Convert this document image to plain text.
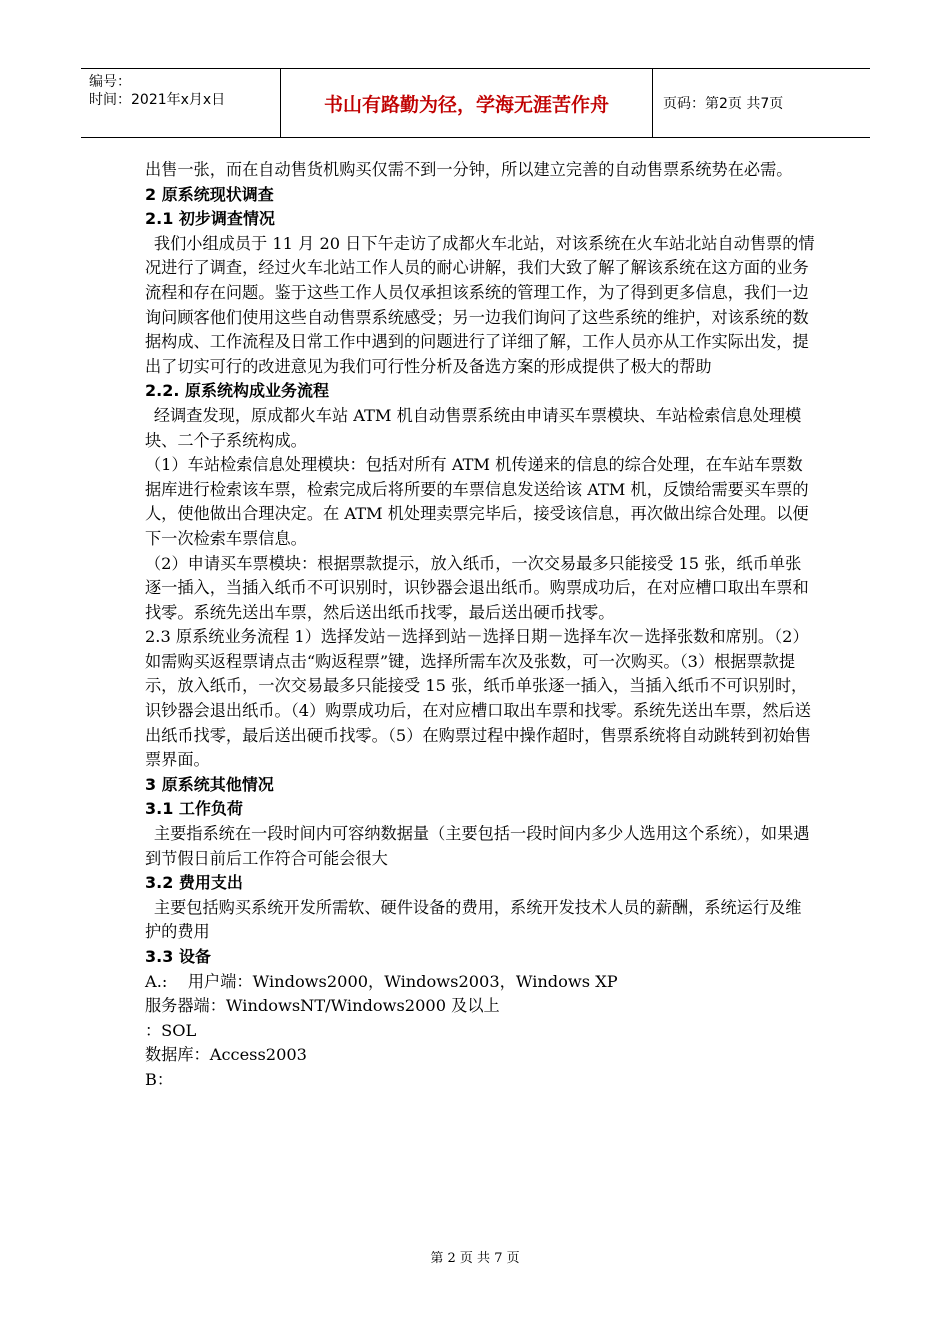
编号：
时间：2021年x月x日	书山有路勤为径，学海无涯苦作舟	页码：第2页 共7页

出售一张，而在自动售货机购买仅需不到一分钟，所以建立完善的自动售票系统势在必需。

2 原系统现状调查

2.1 初步调查情况

我们小组成员于 11 月 20 日下午走访了成都火车北站，对该系统在火车站北站自动售票的情况进行了调查，经过火车北站工作人员的耐心讲解，我们大致了解了解该系统在这方面的业务流程和存在问题。鉴于这些工作人员仅承担该系统的管理工作，为了得到更多信息，我们一边询问顾客他们使用这些自动售票系统感受；另一边我们询问了这些系统的维护，对该系统的数据构成、工作流程及日常工作中遇到的问题进行了详细了解，工作人员亦从工作实际出发，提出了切实可行的改进意见为我们可行性分析及备选方案的形成提供了极大的帮助

2.2. 原系统构成业务流程

经调查发现，原成都火车站 ATM 机自动售票系统由申请买车票模块、车站检索信息处理模块、二个子系统构成。

（1）车站检索信息处理模块：包括对所有 ATM 机传递来的信息的综合处理，在车站车票数据库进行检索该车票，检索完成后将所要的车票信息发送给该 ATM 机，反馈给需要买车票的人，使他做出合理决定。在 ATM 机处理卖票完毕后，接受该信息，再次做出综合处理。以便下一次检索车票信息。

（2）申请买车票模块：根据票款提示，放入纸币，一次交易最多只能接受 15 张，纸币单张逐一插入，当插入纸币不可识别时，识钞器会退出纸币。购票成功后，在对应槽口取出车票和找零。系统先送出车票，然后送出纸币找零，最后送出硬币找零。

2.3 原系统业务流程 1）选择发站－选择到站－选择日期－选择车次－选择张数和席别。（2）如需购买返程票请点击“购返程票”键，选择所需车次及张数，可一次购买。（3）根据票款提示，放入纸币，一次交易最多只能接受 15 张，纸币单张逐一插入，当插入纸币不可识别时，识钞器会退出纸币。（4）购票成功后，在对应槽口取出车票和找零。系统先送出车票，然后送出纸币找零，最后送出硬币找零。（5）在购票过程中操作超时，售票系统将自动跳转到初始售票界面。

3 原系统其他情况

3.1 工作负荷

主要指系统在一段时间内可容纳数据量（主要包括一段时间内多少人选用这个系统），如果遇到节假日前后工作符合可能会很大

3.2 费用支出

主要包括购买系统开发所需软、硬件设备的费用，系统开发技术人员的薪酬，系统运行及维护的费用

3.3 设备

A.:    用户端：Windows2000，Windows2003，Windows XP

服务器端：WindowsNT/Windows2000 及以上

：SOL

数据库：Access2003

B：

第 2 页 共 7 页
